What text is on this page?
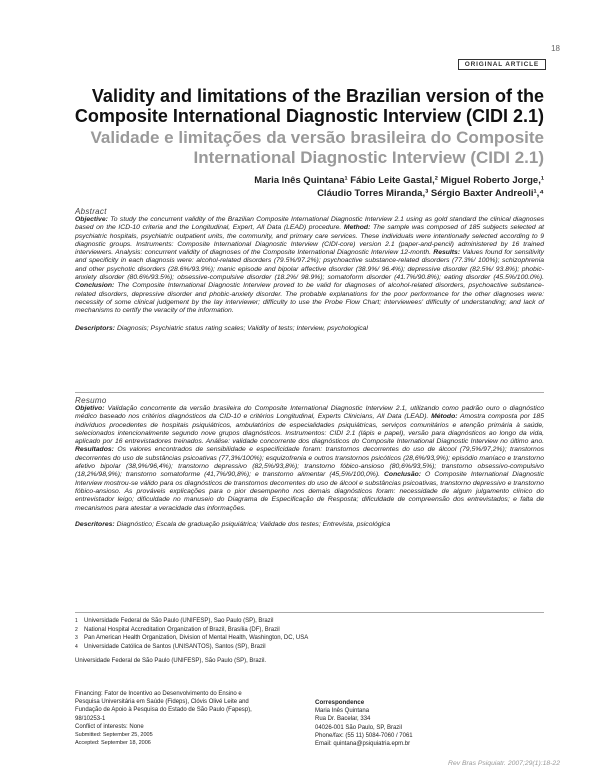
18
ORIGINAL ARTICLE
Validity and limitations of the Brazilian version of the Composite International Diagnostic Interview (CIDI 2.1)
Validade e limitações da versão brasileira do Composite International Diagnostic Interview (CIDI 2.1)
Maria Inês Quintana¹ Fábio Leite Gastal,² Miguel Roberto Jorge,¹
Cláudio Torres Miranda,³ Sérgio Baxter Andreoli¹,⁴
Abstract

Objective: To study the concurrent validity of the Brazilian Composite International Diagnostic Interview 2.1 using as gold standard the clinical diagnoses based on the ICD-10 criteria and the Longitudinal, Expert, All Data (LEAD) procedure. Method: The sample was composed of 185 subjects selected at psychiatric hospitals, psychiatric outpatient units, the community, and primary care services. These individuals were intentionally selected according to 9 diagnostic groups. Instruments: Composite International Diagnostic Interview (CIDI-core) version 2.1 (paper-and-pencil) administered by 16 trained interviewers. Analysis: concurrent validity of diagnoses of the Composite International Diagnostic Interview 12-month. Results: Values found for sensitivity and specificity in each diagnosis were: alcohol-related disorders (79.5%/97.2%); psychoactive substance-related disorders (77.3%/ 100%); schizophrenia and other psychotic disorders (28.6%/93.9%); manic episode and bipolar affective disorder (38.9%/ 96.4%); depressive disorder (82.5%/ 93.8%); phobic-anxiety disorder (80.6%/93.5%); obsessive-compulsive disorder (18.2%/ 98.9%); somatoform disorder (41.7%/90.8%); eating disorder (45.5%/100.0%). Conclusion: The Composite International Diagnostic Interview proved to be valid for diagnoses of alcohol-related disorders, psychoactive substance-related disorders, depressive disorder and phobic-anxiety disorder. The probable explanations for the poor performance for the other diagnoses were: necessity of some clinical judgement by the lay interviewer; difficulty to use the Probe Flow Chart; interviewees' difficulty of understanding; and lack of mechanisms to certify the veracity of the information.

Descriptors: Diagnosis; Psychiatric status rating scales; Validity of tests; Interview, psychological

Resumo

Objetivo: Validação concorrente da versão brasileira do Composite International Diagnostic Interview 2.1, utilizando como padrão ouro o diagnóstico médico baseado nos critérios diagnósticos da CID-10 e critérios Longitudinal, Experts Clinicians, All Data (LEAD). Método: Amostra composta por 185 indivíduos procedentes de hospitais psiquiátricos, ambulatórios de especialidades psiquiátricas, serviços comunitários e atenção primária à saúde, selecionados intencionalmente segundo nove grupos diagnósticos. Instrumentos: CIDI 2.1 (lápis e papel), versão para diagnósticos ao longo da vida, aplicado por 16 entrevistadores treinados. Análise: validade concorrente dos diagnósticos do Composite International Diagnostic Interview no último ano. Resultados: Os valores encontrados de sensibilidade e especificidade foram: transtornos decorrentes do uso de álcool (79,5%/97,2%); transtornos decorrentes do uso de substâncias psicoativas (77,3%/100%); esquizofrenia e outros transtornos psicóticos (28,6%/93,9%); episódio maníaco e transtorno afetivo bipolar (38,9%/96,4%); transtorno depressivo (82,5%/93,8%); transtorno fóbico-ansioso (80,6%/93,5%); transtorno obsessivo-compulsivo (18,2%/98,9%); transtorno somatoforme (41,7%/90,8%); e transtorno alimentar (45,5%/100,0%). Conclusão: O Composite International Diagnostic Interview mostrou-se válido para os diagnósticos de transtornos decorrentes do uso de álcool e substâncias psicoativas, transtorno depressivo e transtorno fóbico-ansioso. As prováveis explicações para o pior desempenho nos demais diagnósticos foram: necessidade de algum julgamento clínico do entrevistador leigo; dificuldade no manuseio do Diagrama de Especificação de Resposta; dificuldade de compreensão dos entrevistados; e falta de mecanismos para atestar a veracidade das informações.

Descritores: Diagnóstico; Escala de graduação psiquiátrica; Validade dos testes; Entrevista, psicológica

1 Universidade Federal de São Paulo (UNIFESP), Sao Paulo (SP), Brazil
2 National Hospital Accreditation Organization of Brazil, Brasília (DF), Brazil
3 Pan American Health Organization, Division of Mental Health, Washington, DC, USA
4 Universidade Católica de Santos (UNISANTOS), Santos (SP), Brazil
Universidade Federal de São Paulo (UNIFESP), São Paulo (SP), Brazil.
Financing: Fator de Incentivo ao Desenvolvimento do Ensino e
Pesquisa Universitária em Saúde (Fideps), Clóvis Olivé Leite and
Fundação de Apoio à Pesquisa do Estado de São Paulo (Fapesp),
98/10253-1
Conflict of interests: None
Submitted: September 25, 2005
Accepted: September 18, 2006
Correspondence
Maria Inês Quintana
Rua Dr. Bacelar, 334
04026-001 São Paulo, SP, Brazil
Phone/fax: (55 11) 5084-7060 / 7061
Email: quintana@psiquiatria.epm.br
Rev Bras Psiquiatr. 2007;29(1):18-22
